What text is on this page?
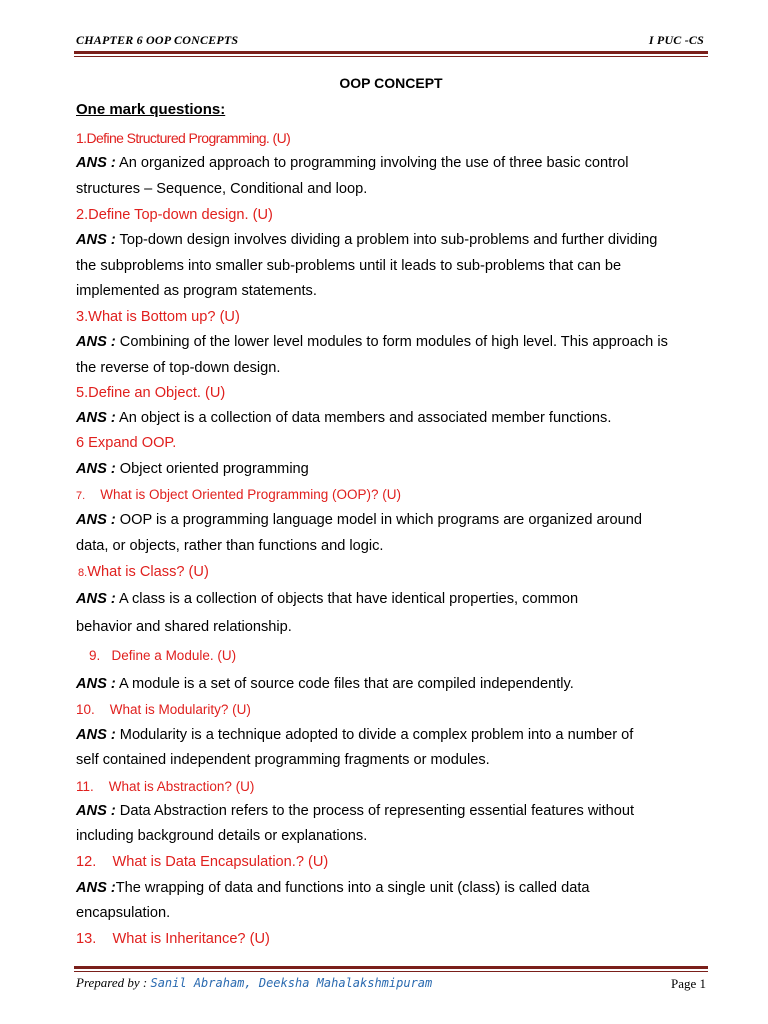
CHAPTER 6 OOP CONCEPTS	I PUC -CS
OOP CONCEPT
One mark questions:
1.Define Structured Programming. (U)
ANS : An organized approach to programming involving the use of three basic control
structures – Sequence, Conditional and loop.
2.Define Top-down design. (U)
ANS : Top-down design involves dividing a problem into sub-problems and further dividing
the subproblems into smaller sub-problems until it leads to sub-problems that can be
implemented as program statements.
3.What is Bottom up? (U)
ANS : Combining of the lower level modules to form modules of high level. This approach is
the reverse of top-down design.
5.Define an Object. (U)
ANS : An object is a collection of data members and associated member functions.
6 Expand OOP.
ANS : Object oriented programming
7. What is Object Oriented Programming (OOP)? (U)
ANS : OOP is a programming language model in which programs are organized around
data, or objects, rather than functions and logic.
8.What is Class? (U)
ANS : A class is a collection of objects that have identical properties, common
behavior and shared relationship.
9. Define a Module. (U)
ANS : A module is a set of source code files that are compiled independently.
10. What is Modularity? (U)
ANS : Modularity is a technique adopted to divide a complex problem into a number of
self contained independent programming fragments or modules.
11. What is Abstraction? (U)
ANS : Data Abstraction refers to the process of representing essential features without
including background details or explanations.
12. What is Data Encapsulation.? (U)
ANS :The wrapping of data and functions into a single unit (class) is called data
encapsulation.
13. What is Inheritance? (U)
Prepared by : Sanil Abraham, Deeksha Mahalakshmipuram	Page 1
